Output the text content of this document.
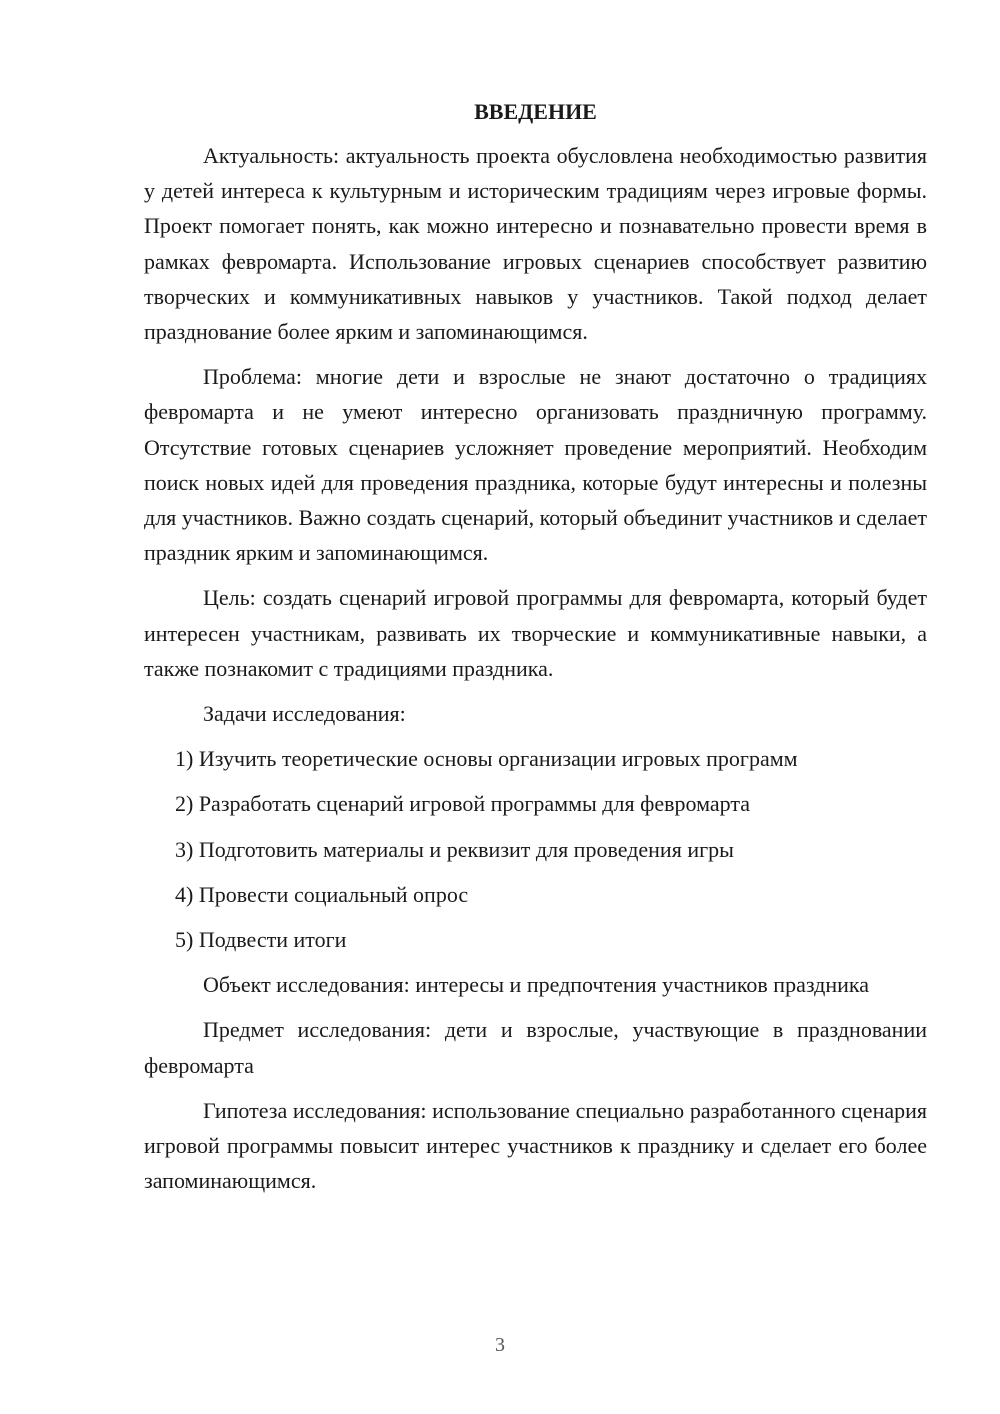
ВВЕДЕНИЕ

Актуальность: актуальность проекта обусловлена необходимостью развития у детей интереса к культурным и историческим традициям через игровые формы. Проект помогает понять, как можно интересно и познавательно провести время в рамках февромарта. Использование игровых сценариев способствует развитию творческих и коммуникативных навыков у участников. Такой подход делает празднование более ярким и запоминающимся.

Проблема: многие дети и взрослые не знают достаточно о традициях февромарта и не умеют интересно организовать праздничную программу. Отсутствие готовых сценариев усложняет проведение мероприятий. Необходим поиск новых идей для проведения праздника, которые будут интересны и полезны для участников. Важно создать сценарий, который объединит участников и сделает праздник ярким и запоминающимся.

Цель: создать сценарий игровой программы для февромарта, который будет интересен участникам, развивать их творческие и коммуникативные навыки, а также познакомит с традициями праздника.

Задачи исследования:

1) Изучить теоретические основы организации игровых программ
2) Разработать сценарий игровой программы для февромарта
3) Подготовить материалы и реквизит для проведения игры
4) Провести социальный опрос
5) Подвести итоги

Объект исследования: интересы и предпочтения участников праздника

Предмет исследования: дети и взрослые, участвующие в праздновании февромарта

Гипотеза исследования: использование специально разработанного сценария игровой программы повысит интерес участников к празднику и сделает его более запоминающимся.

3
